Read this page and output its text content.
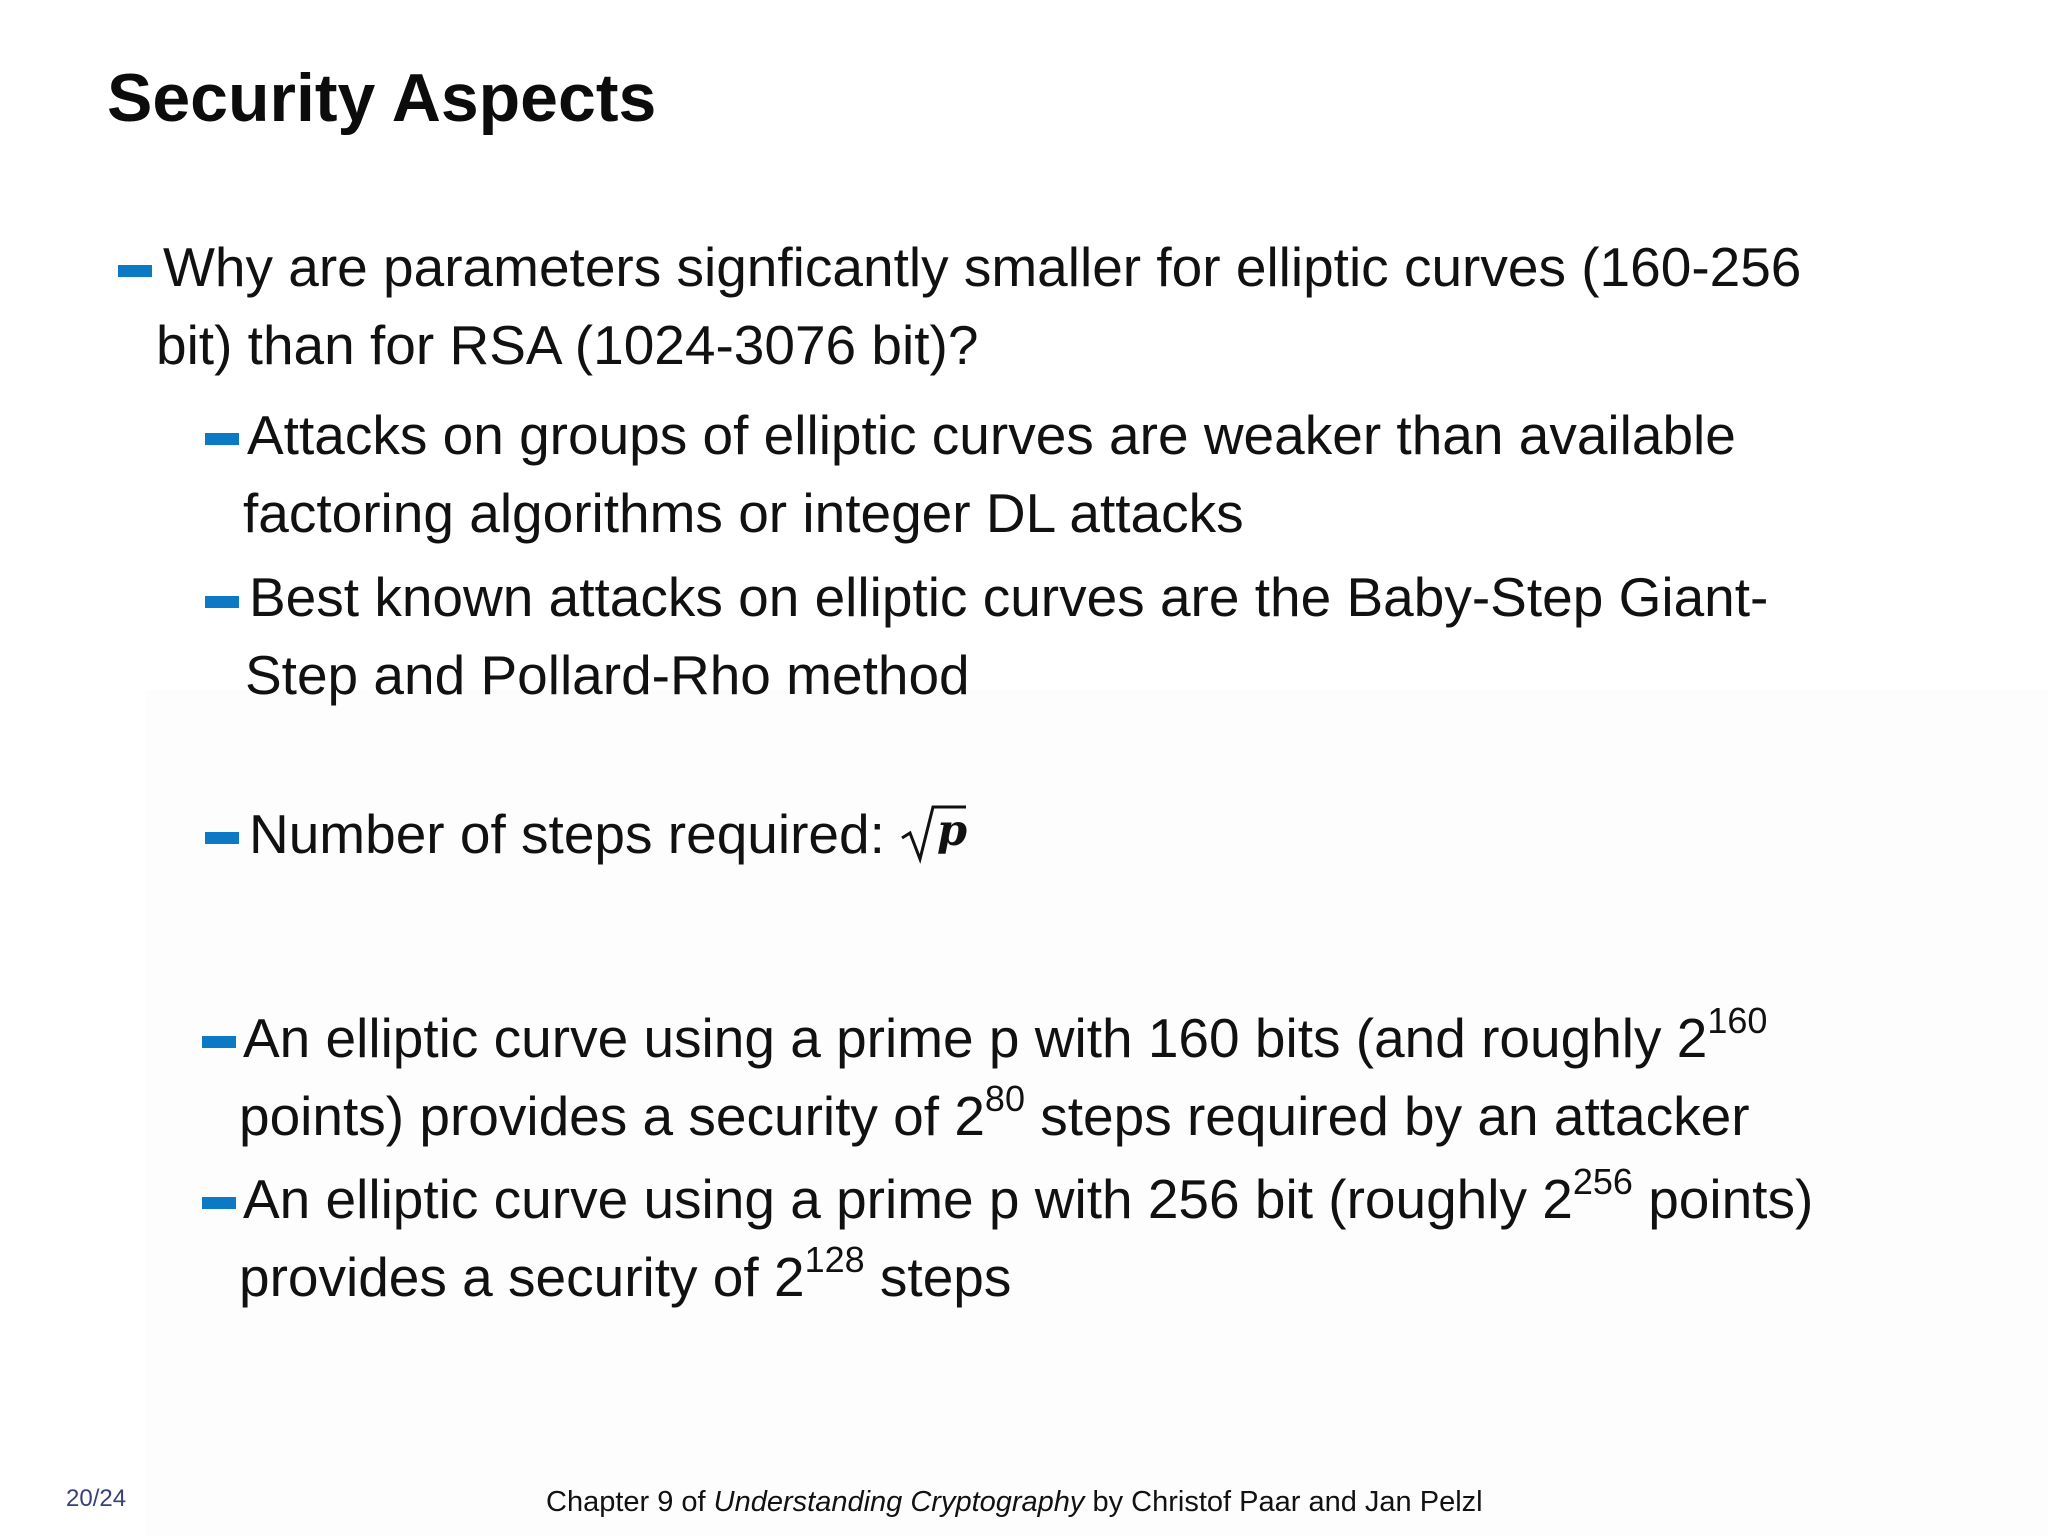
Security Aspects
Why are parameters signficantly smaller for elliptic curves (160-256
bit) than for RSA (1024-3076 bit)?
Attacks on groups of elliptic curves are weaker than available
factoring algorithms or integer DL attacks
Best known attacks on elliptic curves are the Baby-Step Giant-
Step and Pollard-Rho method
Number of steps required: p
An elliptic curve using a prime p with 160 bits (and roughly $2^{160}$
points) provides a security of $2^{80}$ steps required by an attacker
An elliptic curve using a prime p with 256 bit (roughly $2^{256}$ points)
provides a security of $2^{128}$ steps
20/24	Chapter 9 of Understanding Cryptography by Christof Paar and Jan Pelzl
